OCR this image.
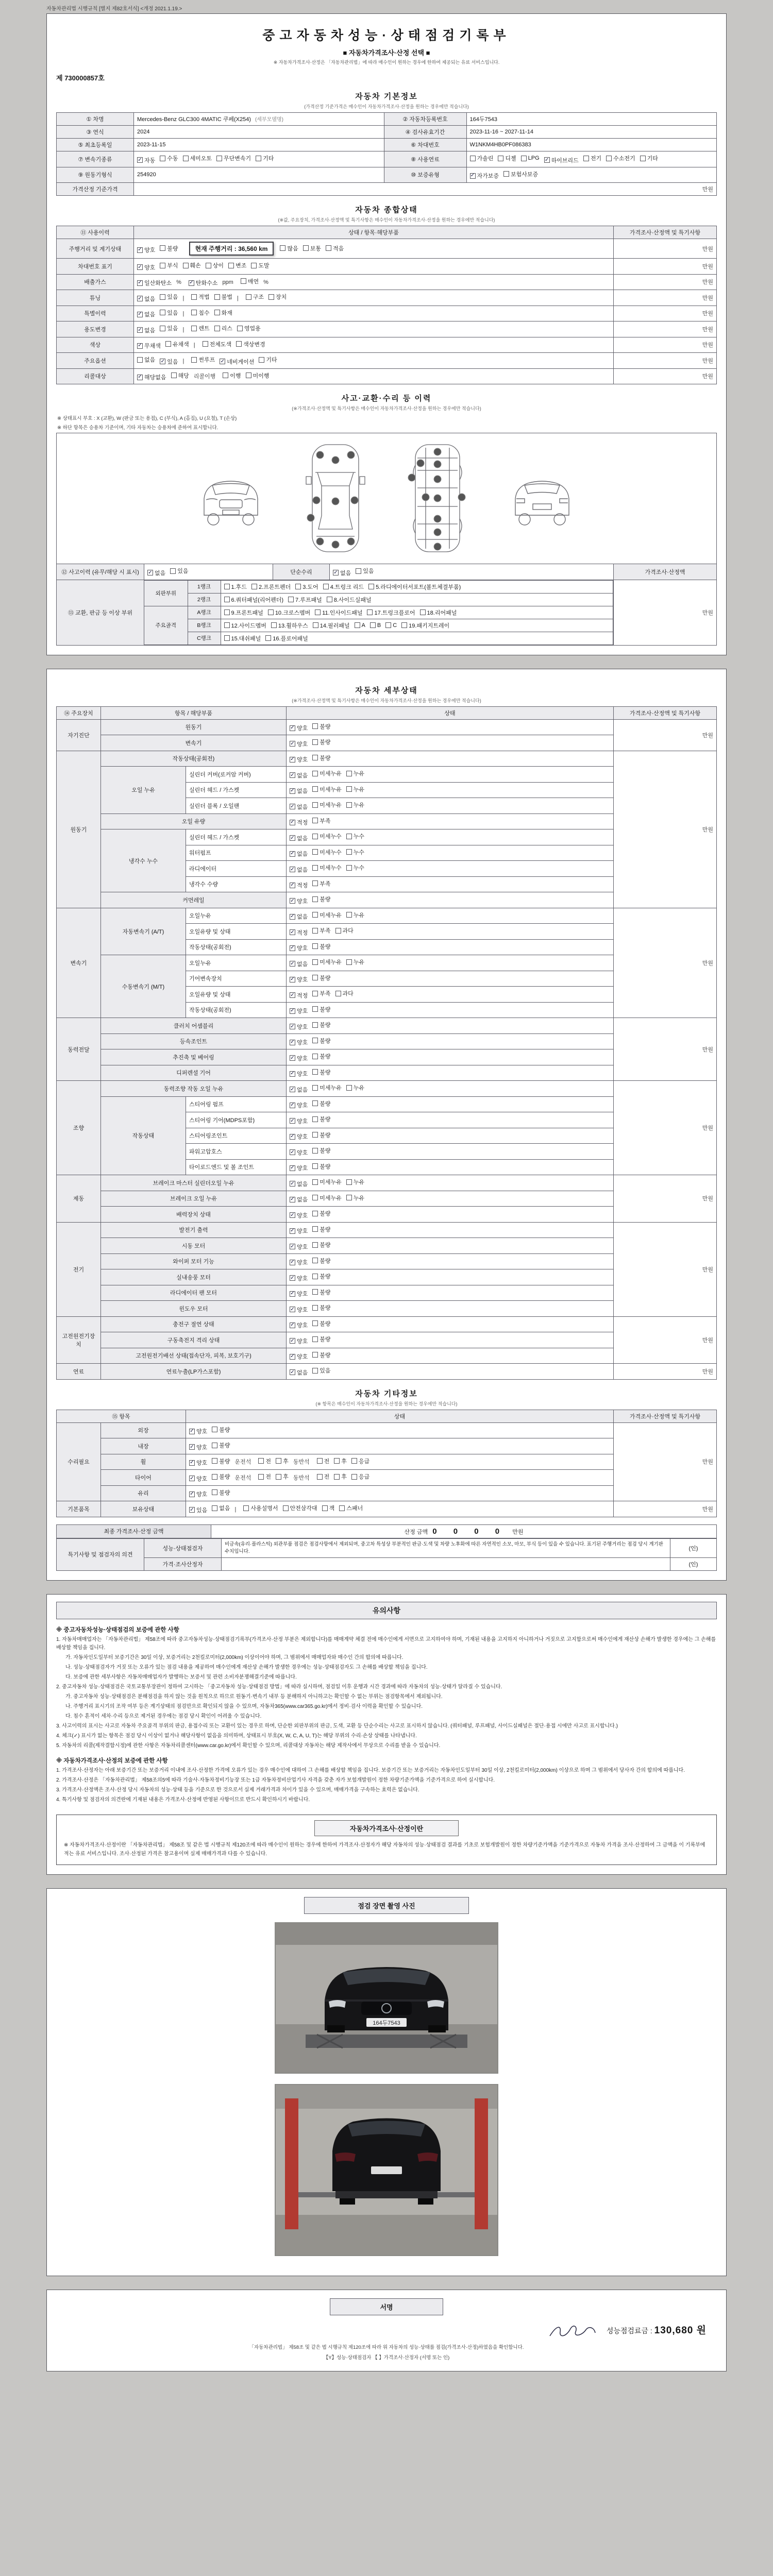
자동차관리법 시행규칙 [별지 제82호서식] <개정 2021.1.19.>
중고자동차성능·상태점검기록부
■ 자동차가격조사·산정 선택 ■
※ 자동차가격조사·산정은 「자동차관리법」에 따라 매수인이 원하는 경우에 한하여 제공되는 유료 서비스입니다.
제 730000857호
자동차 기본정보
(가격산정 기준가격은 매수인이 자동차가격조사·산정을 원하는 경우에만 적습니다)
① 차명	Mercedes-Benz GLC300 4MATIC 쿠페(X254) (세부모델명)	② 자동차등록번호	164두7543
③ 연식	2024	④ 검사유효기간	2023-11-16 ~ 2027-11-14
⑤ 최초등록일	2023-11-15	⑥ 차대번호	W1NKM4HB0PF086383
⑦ 변속기종류	✓ 자동 수동 세미오토 무단변속기 기타	⑧ 사용연료	가솔린 디젤 LPG ✓ 하이브리드 전기 수소전기 기타

⑨ 원동기형식	254920	⑩ 보증유형	✓ 자가보증 보험사보증

가격산정 기준가격	만원		
자동차 종합상태
(※값, 주요장치, 가격조사·산정액 및 특기사항은 매수인이 자동차가격조사·산정을 원하는 경우에만 적습니다)
⑪ 사용이력	상태 / 항목·해당부품	가격조사·산정액 및 특기사항
주행거리 및 계기상태	✓ 양호 불량	현재 주행거리 : 36,560 km	많음 보통 적음	만원
차대번호 표기	✓ 양호 부식 훼손 상이 변조 도말	만원
배출가스	✓ 일산화탄소 % ✓ 탄화수소 ppm	매연 %	만원
튜닝	✓ 없음 있음 |	적법 불법 |	구조 장치	만원
특별이력	✓ 없음 있음 |	침수 화재	만원
용도변경	✓ 없음 있음 |	렌트 리스 영업용	만원
색상	✓ 무채색 유채색 |	전체도색 색상변경	만원
주요옵션	없음 ✓ 있음 |	썬루프 ✓ 네비게이션 기타	만원
리콜대상	✓ 해당없음 해당 리콜이행	이행 미이행	만원
사고·교환·수리 등 이력
(※가격조사·산정액 및 특기사항은 매수인이 자동차가격조사·산정을 원하는 경우에만 적습니다)
※ 상태표시 부호 : X (교환), W (판금 또는 용접), C (부식), A (흠집), U (요철), T (손상)
※ 하단 항목은 승용차 기준이며, 기타 자동차는 승용차에 준하여 표시합니다.
1
2	2
3	3
7
5	5
4
8
9
10
11
13	15
12	14
16
19
17
18

⑫ 사고이력 (유무/해당 시 표시)	✓ 없음 있음	단순수리	✓ 없음 있음	가격조사·산정액
⑬ 교환, 판금 등 이상 부위	
외판부위	1랭크	1.후드 2.프론트펜더 3.도어 4.트렁크 리드 5.라디에이터서포트(볼트체결부품)

2랭크	6.쿼터패널(리어펜더) 7.루프패널 8.사이드실패널

주요골격	A랭크	9.프론트패널 10.크로스멤버 11.인사이드패널 17.트렁크플로어 18.리어패널

B랭크	12.사이드멤버 13.휠하우스 14.필러패널 A B C 19.패키지트레이

C랭크	15.대쉬패널 16.플로어패널
	만원
자동차 세부상태
(※가격조사·산정액 및 특기사항은 매수인이 자동차가격조사·산정을 원하는 경우에만 적습니다)
⑭ 주요장치	항목 / 해당부품		상태	가격조사·산정액 및 특기사항
자기진단	원동기		✓ 양호 불량	만원
	변속기		✓ 양호 불량	

원동기	작동상태(공회전)		✓ 양호 불량	만원
	오일 누유	실린더 커버(로커암 커버)	✓ 없음 미세누유 누유	

		실린더 헤드 / 가스켓	✓ 없음 미세누유 누유	

		실린더 블록 / 오일팬	✓ 없음 미세누유 누유	

	오일 유량		✓ 적정 부족	

	냉각수 누수	실린더 헤드 / 가스켓	✓ 없음 미세누수 누수	

		워터펌프	✓ 없음 미세누수 누수	

		라디에이터	✓ 없음 미세누수 누수	

		냉각수 수량	✓ 적정 부족	

	커먼레일		✓ 양호 불량	

변속기	자동변속기 (A/T)	오일누유	✓ 없음 미세누유 누유	만원
		오일유량 및 상태	✓ 적정 부족 과다	

		작동상태(공회전)	✓ 양호 불량	

	수동변속기 (M/T)	오일누유	✓ 없음 미세누유 누유	

		기어변속장치	✓ 양호 불량	

		오일유량 및 상태	✓ 적정 부족 과다	

		작동상태(공회전)	✓ 양호 불량	

동력전달	클러치 어셈블리		✓ 양호 불량	만원
	등속조인트		✓ 양호 불량	

	추진축 및 베어링		✓ 양호 불량	

	디퍼렌셜 기어		✓ 양호 불량	

조향	동력조향 작동 오일 누유		✓ 없음 미세누유 누유	만원
	작동상태	스티어링 펌프	✓ 양호 불량	

		스티어링 기어(MDPS포함)	✓ 양호 불량	

		스티어링조인트	✓ 양호 불량	

		파워고압호스	✓ 양호 불량	

		타이로드엔드 및 볼 조인트	✓ 양호 불량	

제동	브레이크 마스터 실린더오일 누유		✓ 없음 미세누유 누유	만원
	브레이크 오일 누유		✓ 없음 미세누유 누유	

	배력장치 상태		✓ 양호 불량	

전기	발전기 출력		✓ 양호 불량	만원
	시동 모터		✓ 양호 불량	

	와이퍼 모터 기능		✓ 양호 불량	

	실내송풍 모터		✓ 양호 불량	

	라디에이터 팬 모터		✓ 양호 불량	

	윈도우 모터		✓ 양호 불량	

고전원전기장치	충전구 절연 상태		✓ 양호 불량	만원
	구동축전지 격리 상태		✓ 양호 불량	

	고전원전기배선 상태(접속단자, 피복, 보호기구)		✓ 양호 불량	

연료	연료누출(LP가스포함)		✓ 없음 있음	만원
자동차 기타정보
(※ 항목은 매수인이 자동차가격조사·산정을 원하는 경우에만 적습니다)
⑮ 항목		상태	가격조사·산정액 및 특기사항
수리필요	외장	✓ 양호 불량	만원
	내장	✓ 양호 불량	

휠	✓ 양호 불량 운전석	전 후 동반석	전 후 응급

타이어	✓ 양호 불량 운전석	전 후 동반석	전 후 응급

	유리	✓ 양호 불량	

기본품목	보유상태	✓ 있음 없음 |	사용설명서 안전삼각대 잭 스패너	만원
최종 가격조사·산정 금액	산정 금액 0 0 0 0 만원
특기사항 및 점검자의 의견	성능·상태점검자	비금속(유리·플라스틱) 외관부품 점검은 점검사항에서 제외되며, 중고차 특성상 부분적인 판금·도색 및 차량 노후화에 따른 자연적인 소모, 마모, 부식 등이 있을 수 있습니다. 표기된 주행거리는 점검 당시 계기판 수치입니다.	(인)
	가격·조사산정자		(인)
유의사항
※ 중고자동차성능·상태점검의 보증에 관한 사항
1. 자동차매매업자는 「자동차관리법」 제58조에 따라 중고자동차성능·상태점검기록부(가격조사·산정 부분은 제외합니다)를 매매계약 체결 전에 매수인에게 서면으로 고지하여야 하며, 기재된 내용을 고지하지 아니하거나 거짓으로 고지함으로써 매수인에게 재산상 손해가 발생한 경우에는 그 손해를 배상할 책임을 집니다.
가. 자동차인도일부터 보증기간은 30일 이상, 보증거리는 2천킬로미터(2,000km) 이상이어야 하며, 그 범위에서 매매업자와 매수인 간의 합의에 따릅니다.
나. 성능·상태점검자가 거짓 또는 오류가 있는 점검 내용을 제공하여 매수인에게 재산상 손해가 발생한 경우에는 성능·상태점검자도 그 손해를 배상할 책임을 집니다.
다. 보증에 관한 세부사항은 자동차매매업자가 발행하는 보증서 및 관련 소비자분쟁해결기준에 따릅니다.
2. 중고자동차 성능·상태점검은 국토교통부장관이 정하여 고시하는 「중고자동차 성능·상태점검 방법」에 따라 실시하며, 점검일 이후 운행과 시간 경과에 따라 자동차의 성능·상태가 달라질 수 있습니다.
가. 중고자동차 성능·상태점검은 분해점검을 하지 않는 것을 원칙으로 하므로 원동기·변속기 내부 등 분해하지 아니하고는 확인할 수 없는 부위는 점검항목에서 제외됩니다.
나. 주행거리 표시기의 조작 여부 등은 계기상태의 점검만으로 확인되지 않을 수 있으며, 자동차365(www.car365.go.kr)에서 정비·검사 이력을 확인할 수 있습니다.
다. 침수 흔적이 세차·수리 등으로 제거된 경우에는 점검 당시 확인이 어려울 수 있습니다.
3. 사고이력의 표시는 사고로 자동차 주요골격 부위의 판금, 용접수리 또는 교환이 있는 경우로 하며, 단순한 외판부위의 판금, 도색, 교환 등 단순수리는 사고로 표시하지 않습니다. (쿼터패널, 루프패널, 사이드실패널은 절단·용접 시에만 사고로 표시합니다.)
4. 체크(✓) 표시가 없는 항목은 점검 당시 이상이 없거나 해당사항이 없음을 의미하며, 상태표시 부호(X, W, C, A, U, T)는 해당 부위의 수리·손상 상태를 나타냅니다.
5. 자동차의 리콜(제작결함시정)에 관한 사항은 자동차리콜센터(www.car.go.kr)에서 확인할 수 있으며, 리콜대상 자동차는 해당 제작사에서 무상으로 수리를 받을 수 있습니다.
※ 자동차가격조사·산정의 보증에 관한 사항
1. 가격조사·산정자는 아래 보증기간 또는 보증거리 이내에 조사·산정한 가격에 오류가 있는 경우 매수인에 대하여 그 손해를 배상할 책임을 집니다. 보증기간 또는 보증거리는 자동차인도일부터 30일 이상, 2천킬로미터(2,000km) 이상으로 하며 그 범위에서 당사자 간의 합의에 따릅니다.
2. 가격조사·산정은 「자동차관리법」 제58조의5에 따라 기술사·자동차정비기능장 또는 1급 자동차정비산업기사 자격을 갖춘 자가 보험개발원이 정한 차량기준가액을 기준가격으로 하여 실시합니다.
3. 가격조사·산정액은 조사·산정 당시 자동차의 성능·상태 등을 기준으로 한 것으로서 실제 거래가격과 차이가 있을 수 있으며, 매매가격을 구속하는 효력은 없습니다.
4. 특기사항 및 점검자의 의견란에 기재된 내용은 가격조사·산정에 반영된 사항이므로 반드시 확인하시기 바랍니다.
자동차가격조사·산정이란
※ 자동차가격조사·산정이란 「자동차관리법」 제58조 및 같은 법 시행규칙 제120조에 따라 매수인이 원하는 경우에 한하여 가격조사·산정자가 해당 자동차의 성능·상태점검 결과를 기초로 보험개발원이 정한 차량기준가액을 기준가격으로 자동차 가격을 조사·산정하여 그 금액을 이 기록부에 적는 유료 서비스입니다. 조사·산정된 가격은 참고용이며 실제 매매가격과 다를 수 있습니다.
점검 장면 촬영 사진
164두7543
서명
성능점검료금 : 130,680 원
「자동차관리법」 제58조 및 같은 법 시행규칙 제120조에 따라 위 자동차의 성능·상태를 점검(가격조사·산정)하였음을 확인합니다.
【Y】성능·상태점검자 【 】가격조사·산정자 (서명 또는 인)
